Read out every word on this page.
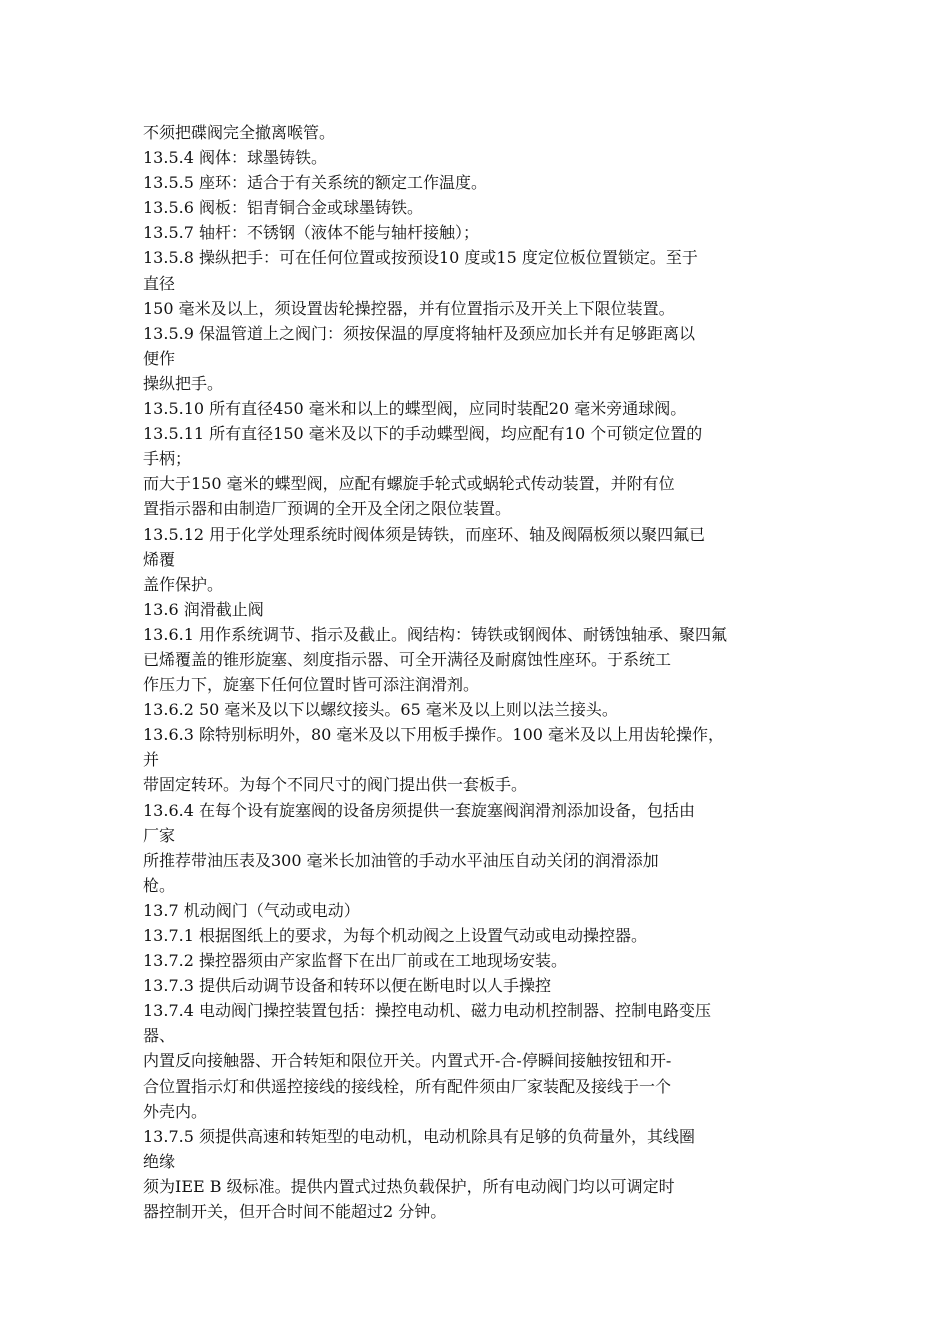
不须把碟阀完全撤离喉管。
13.5.4 阀体：球墨铸铁。
13.5.5 座环：适合于有关系统的额定工作温度。
13.5.6 阀板：铝青铜合金或球墨铸铁。
13.5.7 轴杆：不锈钢（液体不能与轴杆接触）；
13.5.8 操纵把手：可在任何位置或按预设10 度或15 度定位板位置锁定。至于
直径
150 毫米及以上，须设置齿轮操控器，并有位置指示及开关上下限位装置。
13.5.9 保温管道上之阀门：须按保温的厚度将轴杆及颈应加长并有足够距离以
便作
操纵把手。
13.5.10 所有直径450 毫米和以上的蝶型阀，应同时装配20 毫米旁通球阀。
13.5.11 所有直径150 毫米及以下的手动蝶型阀，均应配有10 个可锁定位置的
手柄；
而大于150 毫米的蝶型阀，应配有螺旋手轮式或蜗轮式传动装置，并附有位
置指示器和由制造厂预调的全开及全闭之限位装置。
13.5.12 用于化学处理系统时阀体须是铸铁，而座环、轴及阀隔板须以聚四氟已
烯覆
盖作保护。
13.6 润滑截止阀
13.6.1 用作系统调节、指示及截止。阀结构：铸铁或钢阀体、耐锈蚀轴承、聚四氟
已烯覆盖的锥形旋塞、刻度指示器、可全开满径及耐腐蚀性座环。于系统工
作压力下，旋塞下任何位置时皆可添注润滑剂。
13.6.2 50 毫米及以下以螺纹接头。65 毫米及以上则以法兰接头。
13.6.3 除特别标明外，80 毫米及以下用板手操作。100 毫米及以上用齿轮操作，
并
带固定转环。为每个不同尺寸的阀门提出供一套板手。
13.6.4 在每个设有旋塞阀的设备房须提供一套旋塞阀润滑剂添加设备，包括由
厂家
所推荐带油压表及300 毫米长加油管的手动水平油压自动关闭的润滑添加
枪。
13.7 机动阀门（气动或电动）
13.7.1 根据图纸上的要求，为每个机动阀之上设置气动或电动操控器。
13.7.2 操控器须由产家监督下在出厂前或在工地现场安装。
13.7.3 提供后动调节设备和转环以便在断电时以人手操控
13.7.4 电动阀门操控装置包括：操控电动机、磁力电动机控制器、控制电路变压
器、
内置反向接触器、开合转矩和限位开关。内置式开-合-停瞬间接触按钮和开-
合位置指示灯和供遥控接线的接线栓，所有配件须由厂家装配及接线于一个
外壳内。
13.7.5 须提供高速和转矩型的电动机，电动机除具有足够的负荷量外，其线圈
绝缘
须为IEE B 级标准。提供内置式过热负载保护，所有电动阀门均以可调定时
器控制开关，但开合时间不能超过2 分钟。
